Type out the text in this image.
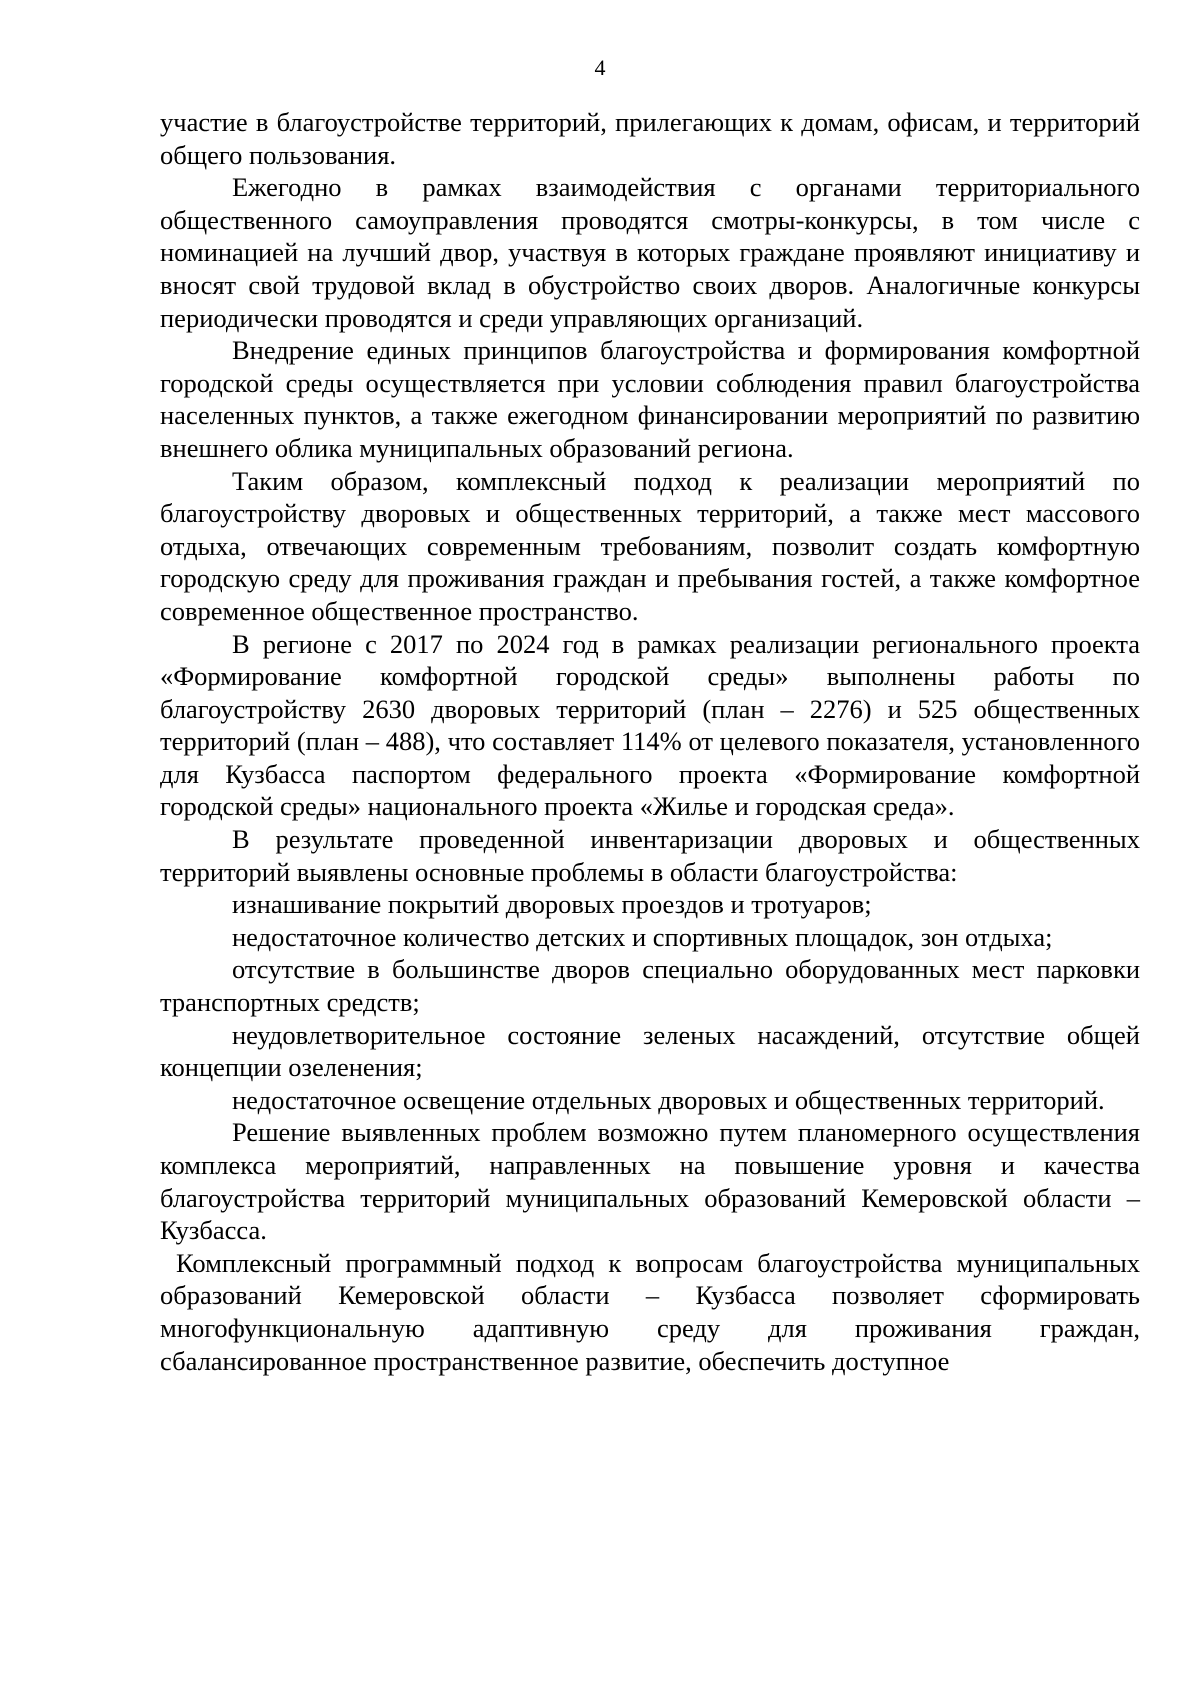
4

участие в благоустройстве территорий, прилегающих к домам, офисам, и территорий общего пользования.

Ежегодно в рамках взаимодействия с органами территориального общественного самоуправления проводятся смотры-конкурсы, в том числе с номинацией на лучший двор, участвуя в которых граждане проявляют инициативу и вносят свой трудовой вклад в обустройство своих дворов. Аналогичные конкурсы периодически проводятся и среди управляющих организаций.

Внедрение единых принципов благоустройства и формирования комфортной городской среды осуществляется при условии соблюдения правил благоустройства населенных пунктов, а также ежегодном финансировании мероприятий по развитию внешнего облика муниципальных образований региона.

Таким образом, комплексный подход к реализации мероприятий по благоустройству дворовых и общественных территорий, а также мест массового отдыха, отвечающих современным требованиям, позволит создать комфортную городскую среду для проживания граждан и пребывания гостей, а также комфортное современное общественное пространство.

В регионе с 2017 по 2024 год в рамках реализации регионального проекта «Формирование комфортной городской среды» выполнены работы по благоустройству 2630 дворовых территорий (план – 2276) и 525 общественных территорий (план – 488), что составляет 114% от целевого показателя, установленного для Кузбасса паспортом федерального проекта «Формирование комфортной городской среды» национального проекта «Жилье и городская среда».

В результате проведенной инвентаризации дворовых и общественных территорий выявлены основные проблемы в области благоустройства:

изнашивание покрытий дворовых проездов и тротуаров;

недостаточное количество детских и спортивных площадок, зон отдыха;

отсутствие в большинстве дворов специально оборудованных мест парковки транспортных средств;

неудовлетворительное состояние зеленых насаждений, отсутствие общей концепции озеленения;

недостаточное освещение отдельных дворовых и общественных территорий.

Решение выявленных проблем возможно путем планомерного осуществления комплекса мероприятий, направленных на повышение уровня и качества благоустройства территорий муниципальных образований Кемеровской области – Кузбасса.

Комплексный программный подход к вопросам благоустройства муниципальных образований Кемеровской области – Кузбасса позволяет сформировать многофункциональную адаптивную среду для проживания граждан, сбалансированное пространственное развитие, обеспечить доступное
